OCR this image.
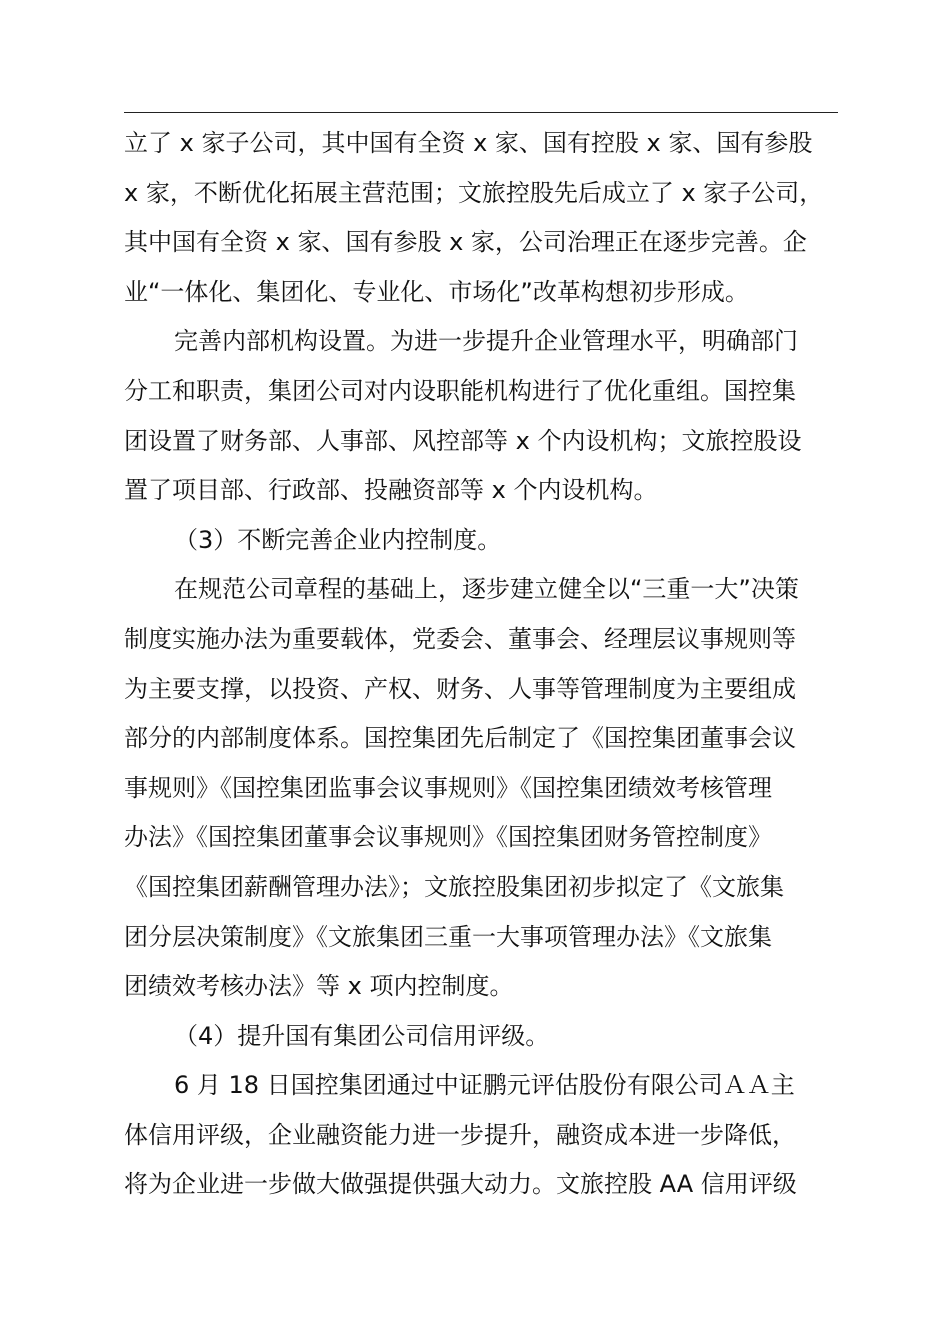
立了 x 家子公司，其中国有全资 x 家、国有控股 x 家、国有参股
x 家，不断优化拓展主营范围；文旅控股先后成立了 x 家子公司，
其中国有全资 x 家、国有参股 x 家，公司治理正在逐步完善。企
业“一体化、集团化、专业化、市场化”改革构想初步形成。
完善内部机构设置。为进一步提升企业管理水平，明确部门
分工和职责，集团公司对内设职能机构进行了优化重组。国控集
团设置了财务部、人事部、风控部等 x 个内设机构；文旅控股设
置了项目部、行政部、投融资部等 x 个内设机构。
（3）不断完善企业内控制度。
在规范公司章程的基础上，逐步建立健全以“三重一大”决策
制度实施办法为重要载体，党委会、董事会、经理层议事规则等
为主要支撑，以投资、产权、财务、人事等管理制度为主要组成
部分的内部制度体系。国控集团先后制定了《国控集团董事会议
事规则》《国控集团监事会议事规则》《国控集团绩效考核管理
办法》《国控集团董事会议事规则》《国控集团财务管控制度》
《国控集团薪酬管理办法》；文旅控股集团初步拟定了《文旅集
团分层决策制度》《文旅集团三重一大事项管理办法》《文旅集
团绩效考核办法》等 x 项内控制度。
（4）提升国有集团公司信用评级。
6 月 18 日国控集团通过中证鹏元评估股份有限公司ＡＡ主
体信用评级，企业融资能力进一步提升，融资成本进一步降低，
将为企业进一步做大做强提供强大动力。文旅控股 AA 信用评级
